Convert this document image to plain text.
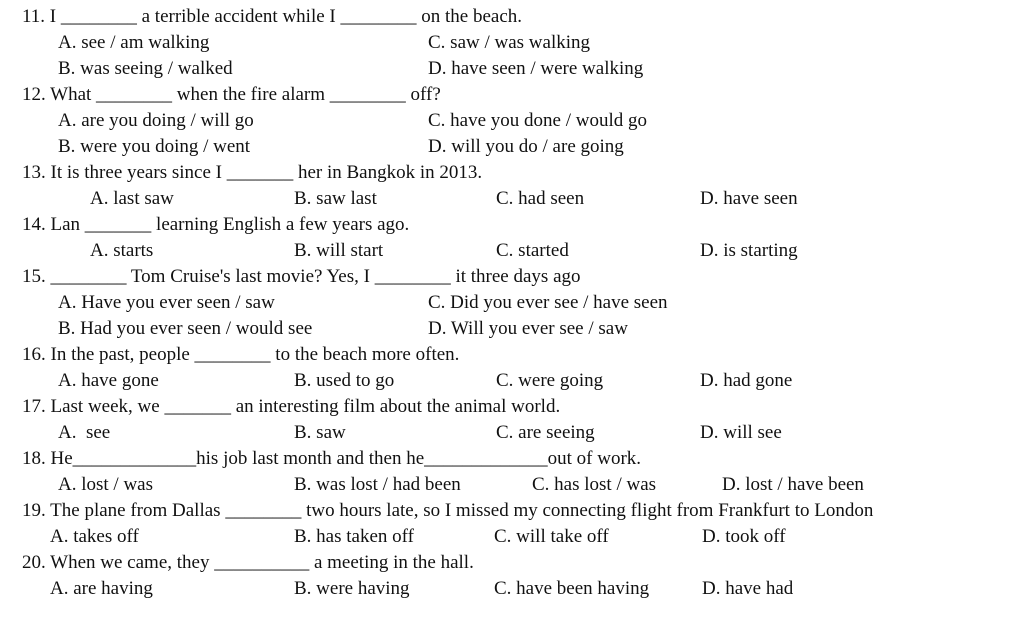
11. I ________ a terrible accident while I ________ on the beach.
A. see / am walking	C. saw / was walking
B. was seeing / walked	D. have seen / were walking
12. What ________ when the fire alarm ________ off?
A. are you doing / will go	C. have you done / would go
B. were you doing / went	D. will you do / are going
13. It is three years since I _______ her in Bangkok in 2013.
A. last saw	B. saw last	C. had seen	D. have seen
14. Lan _______ learning English a few years ago.
A. starts	B. will start	C. started	D. is starting
15. ________ Tom Cruise's last movie? Yes, I ________ it three days ago
A. Have you ever seen / saw	C. Did you ever see / have seen
B. Had you ever seen / would see	D. Will you ever see / saw
16. In the past, people ________ to the beach more often.
A. have gone	B. used to go	C. were going	D. had gone
17. Last week, we _______ an interesting film about the animal world.
A.  see	B. saw	C. are seeing	D. will see
18. He_____________his job last month and then he_____________out of work.
A. lost / was	B. was lost / had been	C. has lost / was	D. lost / have been
19. The plane from Dallas ________ two hours late, so I missed my connecting flight from Frankfurt to London
A. takes off	B. has taken off	C. will take off	D. took off
20. When we came, they __________ a meeting in the hall.
A. are having	B. were having	C. have been having	D. have had
